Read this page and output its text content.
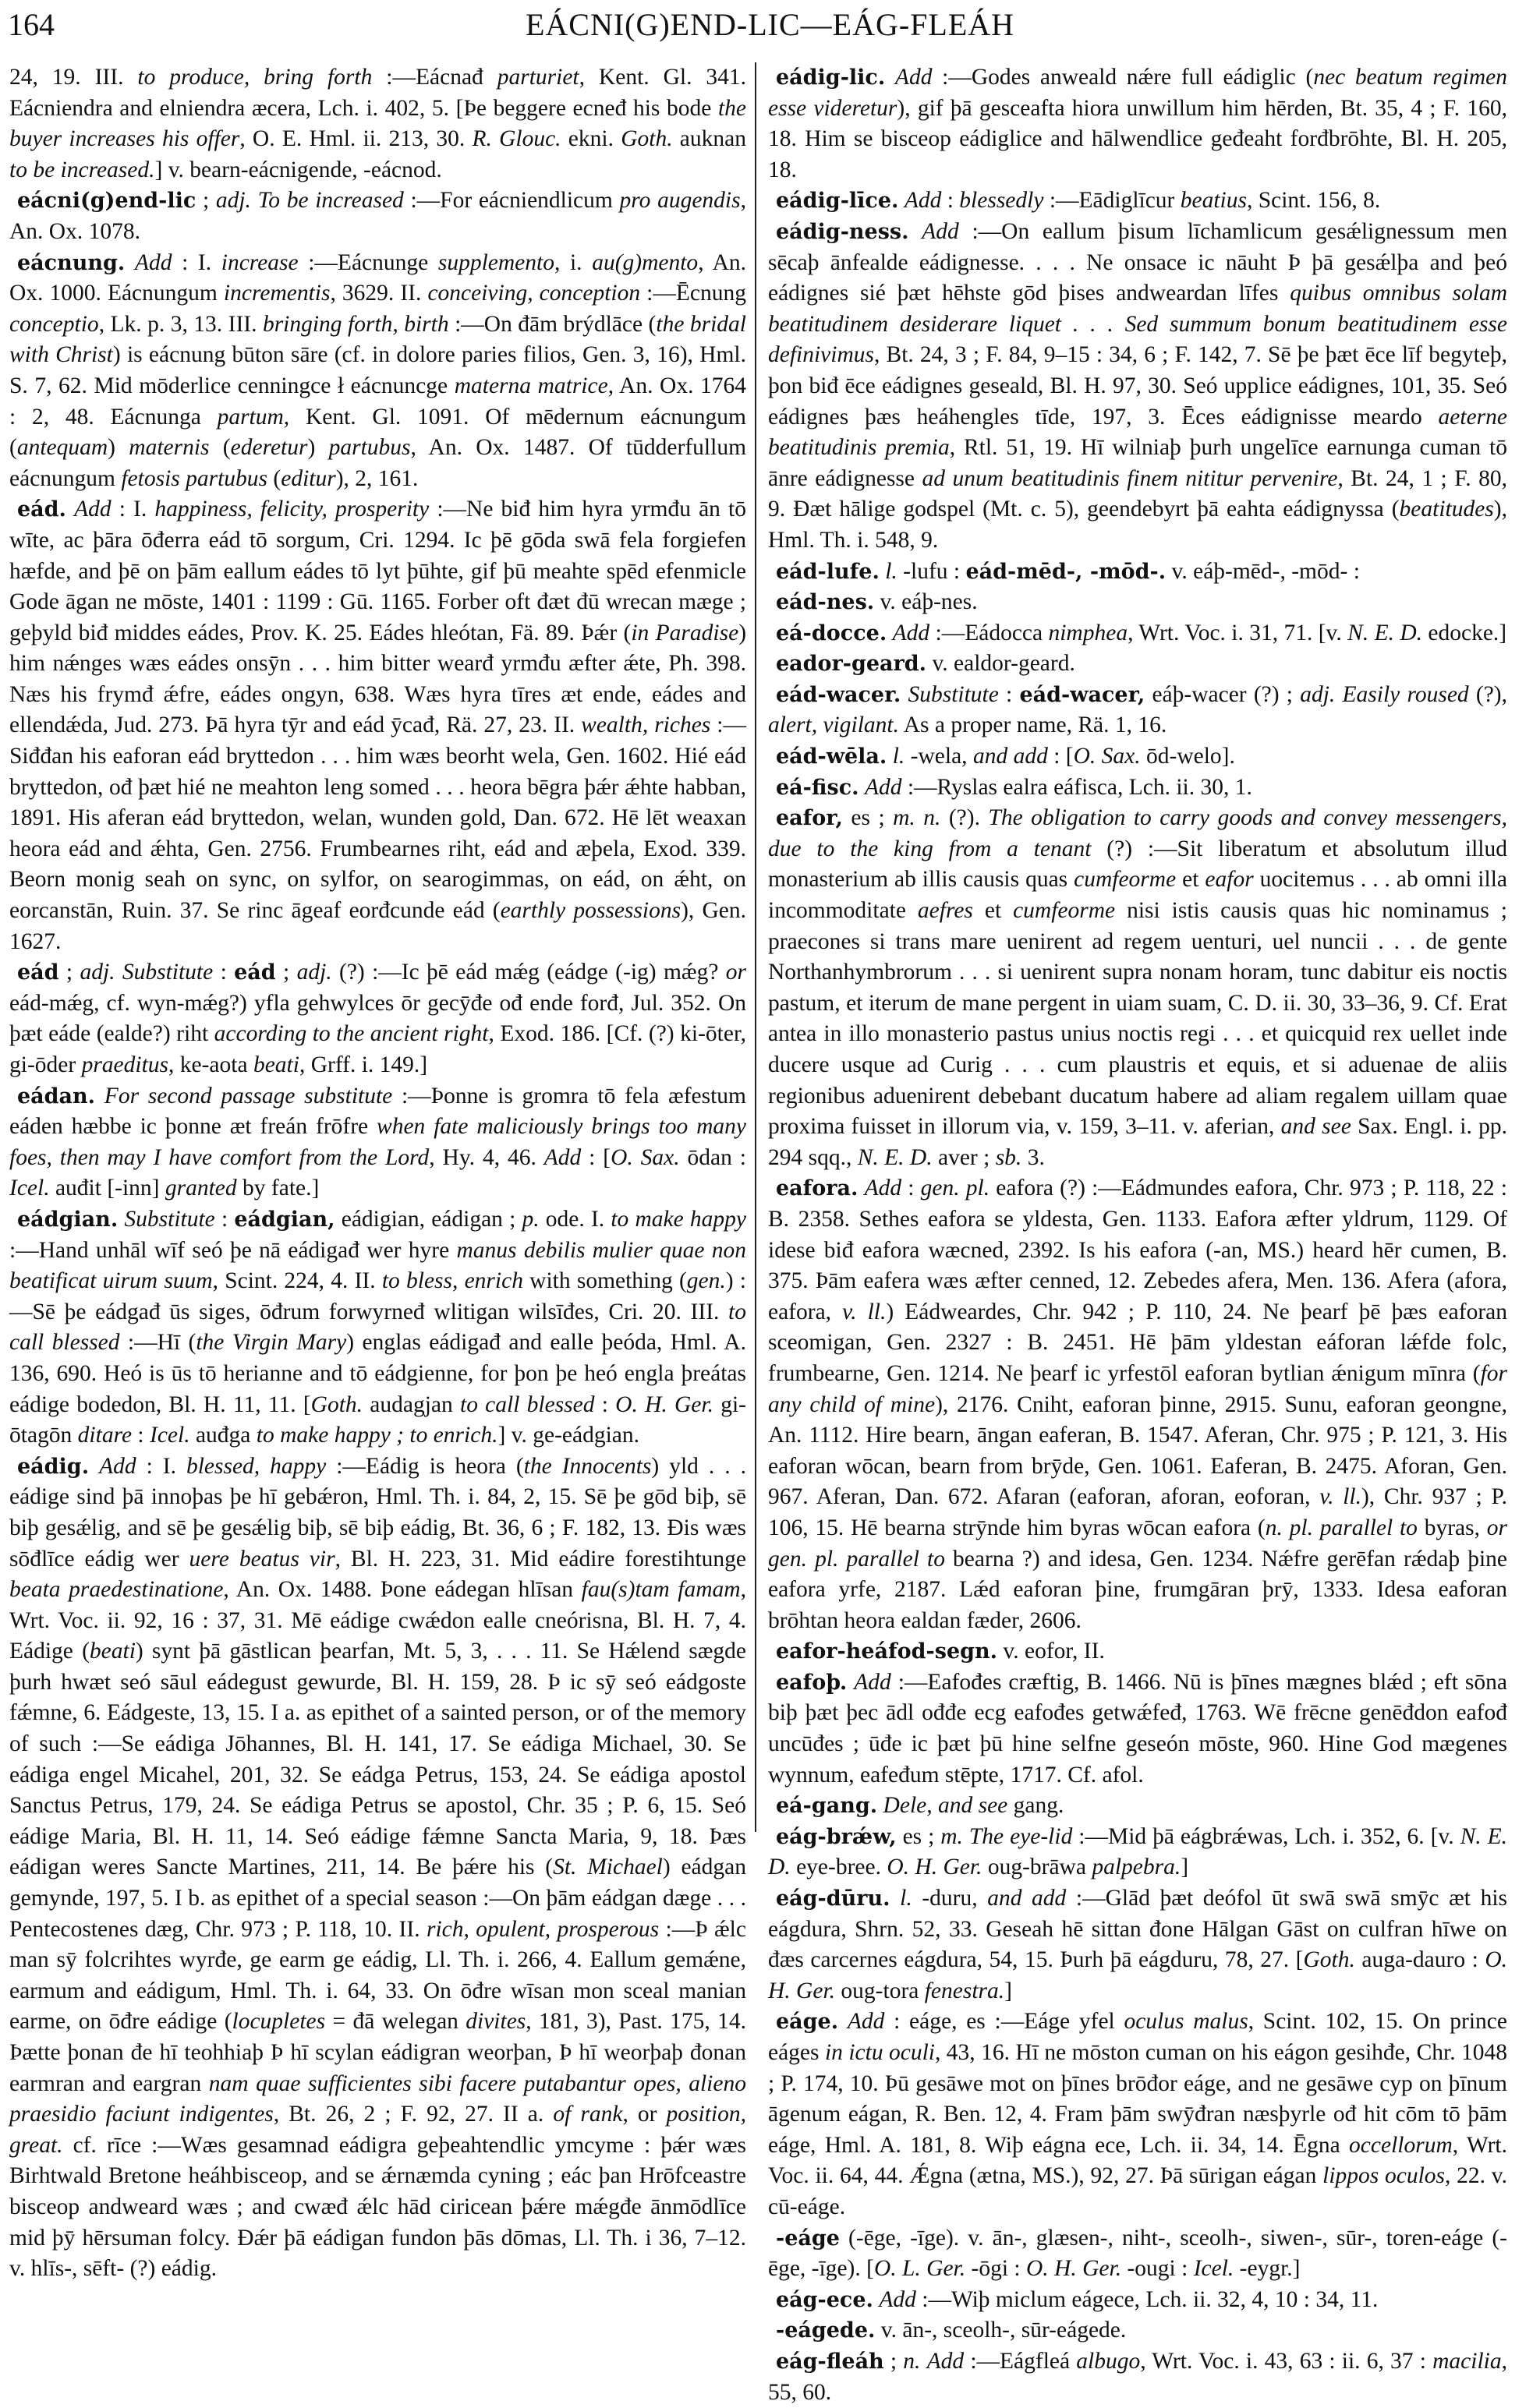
164	EÁCNI(G)END-LIC—EÁG-FLEÁH

24, 19. III. to produce, bring forth :—Eácnađ parturiet, Kent. Gl. 341. Eácniendra and elniendra æcera, Lch. i. 402, 5. [Þe beggere ecneđ his bode the buyer increases his offer, O. E. Hml. ii. 213, 30. R. Glouc. ekni. Goth. auknan to be increased.] v. bearn-eácnigende, -eácnod.

eácni(g)end-lic ; adj. To be increased :—For eácniendlicum pro augendis, An. Ox. 1078.

eácnung. Add : I. increase :—Eácnunge supplemento, i. au(g)mento, An. Ox. 1000. Eácnungum incrementis, 3629. II. conceiving, conception :—Ēcnung conceptio, Lk. p. 3, 13. III. bringing forth, birth :—On đām brýdlāce (the bridal with Christ) is eácnung būton sāre (cf. in dolore paries filios, Gen. 3, 16), Hml. S. 7, 62. Mid mōderlice cenningce ł eácnuncge materna matrice, An. Ox. 1764 : 2, 48. Eácnunga partum, Kent. Gl. 1091. Of mēdernum eácnungum (antequam) maternis (ederetur) partubus, An. Ox. 1487. Of tūdderfullum eácnungum fetosis partubus (editur), 2, 161.

eád. Add : I. happiness, felicity, prosperity :—Ne biđ him hyra yrmđu ān tō wīte, ac þāra ōđerra eád tō sorgum, Cri. 1294. Ic þē gōda swā fela forgiefen hæfde, and þē on þām eallum eádes tō lyt þūhte, gif þū meahte spēd efenmicle Gode āgan ne mōste, 1401 : 1199 : Gū. 1165. Forber oft đæt đū wrecan mæge ; geþyld biđ middes eádes, Prov. K. 25. Eádes hleótan, Fä. 89. Þǽr (in Paradise) him nǽnges wæs eádes onsȳn . . . him bitter wearđ yrmđu æfter ǽte, Ph. 398. Næs his frymđ ǽfre, eádes ongyn, 638. Wæs hyra tīres æt ende, eádes and ellendǽda, Jud. 273. Þā hyra tȳr and eád ȳcađ, Rä. 27, 23. II. wealth, riches :—Siđđan his eaforan eád bryttedon . . . him wæs beorht wela, Gen. 1602. Hié eád bryttedon, ođ þæt hié ne meahton leng somed . . . heora bēgra þǽr ǽhte habban, 1891. His aferan eád bryttedon, welan, wunden gold, Dan. 672. Hē lēt weaxan heora eád and ǽhta, Gen. 2756. Frumbearnes riht, eád and æþela, Exod. 339. Beorn monig seah on sync, on sylfor, on searogimmas, on eád, on ǽht, on eorcanstān, Ruin. 37. Se rinc āgeaf eorđcunde eád (earthly possessions), Gen. 1627.

eád ; adj. Substitute : eád ; adj. (?) :—Ic þē eád mǽg (eádge (-ig) mǽg? or eád-mǽg, cf. wyn-mǽg?) yfla gehwylces ōr gecȳđe ođ ende forđ, Jul. 352. On þæt eáde (ealde?) riht according to the ancient right, Exod. 186. [Cf. (?) ki-ōter, gi-ōder praeditus, ke-aota beati, Grff. i. 149.]

eádan. For second passage substitute :—Þonne is gromra tō fela æfestum eáden hæbbe ic þonne æt freán frōfre when fate maliciously brings too many foes, then may I have comfort from the Lord, Hy. 4, 46. Add : [O. Sax. ōdan : Icel. auđit [-inn] granted by fate.]

eádgian. Substitute : eádgian, eádigian, eádigan ; p. ode. I. to make happy :—Hand unhāl wīf seó þe nā eádigađ wer hyre manus debilis mulier quae non beatificat uirum suum, Scint. 224, 4. II. to bless, enrich with something (gen.) :—Sē þe eádgađ ūs siges, ōđrum forwyrneđ wlitigan wilsīđes, Cri. 20. III. to call blessed :—Hī (the Virgin Mary) englas eádigađ and ealle þeóda, Hml. A. 136, 690. Heó is ūs tō herianne and tō eádgienne, for þon þe heó engla þreátas eádige bodedon, Bl. H. 11, 11. [Goth. audagjan to call blessed : O. H. Ger. gi-ōtagōn ditare : Icel. auđga to make happy ; to enrich.] v. ge-eádgian.

eádig. Add : I. blessed, happy :—Eádig is heora (the Innocents) yld . . . eádige sind þā innoþas þe hī gebǽron, Hml. Th. i. 84, 2, 15. Sē þe gōd biþ, sē biþ gesǽlig, and sē þe gesǽlig biþ, sē biþ eádig, Bt. 36, 6 ; F. 182, 13. Đis wæs sōđlīce eádig wer uere beatus vir, Bl. H. 223, 31. Mid eádire forestihtunge beata praedestinatione, An. Ox. 1488. Þone eádegan hlīsan fau(s)tam famam, Wrt. Voc. ii. 92, 16 : 37, 31. Mē eádige cwǽdon ealle cneórisna, Bl. H. 7, 4. Eádige (beati) synt þā gāstlican þearfan, Mt. 5, 3, . . . 11. Se Hǽlend sægde þurh hwæt seó sāul eádegust gewurde, Bl. H. 159, 28. Þ ic sȳ seó eádgoste fǽmne, 6. Eádgeste, 13, 15. I a. as epithet of a sainted person, or of the memory of such :—Se eádiga Jōhannes, Bl. H. 141, 17. Se eádiga Michael, 30. Se eádiga engel Micahel, 201, 32. Se eádga Petrus, 153, 24. Se eádiga apostol Sanctus Petrus, 179, 24. Se eádiga Petrus se apostol, Chr. 35 ; P. 6, 15. Seó eádige Maria, Bl. H. 11, 14. Seó eádige fǽmne Sancta Maria, 9, 18. Þæs eádigan weres Sancte Martines, 211, 14. Be þǽre his (St. Michael) eádgan gemynde, 197, 5. I b. as epithet of a special season :—On þām eádgan dæge . . . Pentecostenes dæg, Chr. 973 ; P. 118, 10. II. rich, opulent, prosperous :—Þ ǽlc man sȳ folcrihtes wyrđe, ge earm ge eádig, Ll. Th. i. 266, 4. Eallum gemǽne, earmum and eádigum, Hml. Th. i. 64, 33. On ōđre wīsan mon sceal manian earme, on ōđre eádige (locupletes = đā welegan divites, 181, 3), Past. 175, 14. Þætte þonan đe hī teohhiaþ Þ hī scylan eádigran weorþan, Þ hī weorþaþ đonan earmran and eargran nam quae sufficientes sibi facere putabantur opes, alieno praesidio faciunt indigentes, Bt. 26, 2 ; F. 92, 27. II a. of rank, or position, great. cf. rīce :—Wæs gesamnad eádigra geþeahtendlic ymcyme : þǽr wæs Birhtwald Bretone heáhbisceop, and se ǽrnæmda cyning ; eác þan Hrōfceastre bisceop andweard wæs ; and cwæđ ǽlc hād ciricean þǽre mǽgđe ānmōdlīce mid þȳ hērsuman folcy. Đǽr þā eádigan fundon þās dōmas, Ll. Th. i 36, 7–12. v. hlīs-, sēft- (?) eádig.

eádig-lic. Add :—Godes anweald nǽre full eádiglic (nec beatum regimen esse videretur), gif þā gesceafta hiora unwillum him hērden, Bt. 35, 4 ; F. 160, 18. Him se bisceop eádiglice and hālwendlice geđeaht forđbrōhte, Bl. H. 205, 18.

eádig-līce. Add : blessedly :—Eādiglīcur beatius, Scint. 156, 8.

eádig-ness. Add :—On eallum þisum līchamlicum gesǽlignessum men sēcaþ ānfealde eádignesse. . . . Ne onsace ic nāuht Þ þā gesǽlþa and þeó eádignes sié þæt hēhste gōd þises andweardan līfes quibus omnibus solam beatitudinem desiderare liquet . . . Sed summum bonum beatitudinem esse definivimus, Bt. 24, 3 ; F. 84, 9–15 : 34, 6 ; F. 142, 7. Sē þe þæt ēce līf begyteþ, þon biđ ēce eádignes geseald, Bl. H. 97, 30. Seó upplice eádignes, 101, 35. Seó eádignes þæs heáhengles tīde, 197, 3. Ēces eádignisse meardo aeterne beatitudinis premia, Rtl. 51, 19. Hī wilniaþ þurh ungelīce earnunga cuman tō ānre eádignesse ad unum beatitudinis finem nititur pervenire, Bt. 24, 1 ; F. 80, 9. Đæt hālige godspel (Mt. c. 5), geendebyrt þā eahta eádignyssa (beatitudes), Hml. Th. i. 548, 9.

eád-lufe. l. -lufu : eád-mēd-, -mōd-. v. eáþ-mēd-, -mōd- :

eád-nes. v. eáþ-nes.

eá-docce. Add :—Eádocca nimphea, Wrt. Voc. i. 31, 71. [v. N. E. D. edocke.]

eador-geard. v. ealdor-geard.

eád-wacer. Substitute : eád-wacer, eáþ-wacer (?) ; adj. Easily roused (?), alert, vigilant. As a proper name, Rä. 1, 16.

eád-wēla. l. -wela, and add : [O. Sax. ōd-welo].

eá-fisc. Add :—Ryslas ealra eáfisca, Lch. ii. 30, 1.

eafor, es ; m. n. (?). The obligation to carry goods and convey messengers, due to the king from a tenant (?) :—Sit liberatum et absolutum illud monasterium ab illis causis quas cumfeorme et eafor uocitemus . . . ab omni illa incommoditate aefres et cumfeorme nisi istis causis quas hic nominamus ; praecones si trans mare uenirent ad regem uenturi, uel nuncii . . . de gente Northanhymbrorum . . . si uenirent supra nonam horam, tunc dabitur eis noctis pastum, et iterum de mane pergent in uiam suam, C. D. ii. 30, 33–36, 9. Cf. Erat antea in illo monasterio pastus unius noctis regi . . . et quicquid rex uellet inde ducere usque ad Curig . . . cum plaustris et equis, et si aduenae de aliis regionibus aduenirent debebant ducatum habere ad aliam regalem uillam quae proxima fuisset in illorum via, v. 159, 3–11. v. aferian, and see Sax. Engl. i. pp. 294 sqq., N. E. D. aver ; sb. 3.

eafora. Add : gen. pl. eafora (?) :—Eádmundes eafora, Chr. 973 ; P. 118, 22 : B. 2358. Sethes eafora se yldesta, Gen. 1133. Eafora æfter yldrum, 1129. Of idese biđ eafora wæcned, 2392. Is his eafora (-an, MS.) heard hēr cumen, B. 375. Þām eafera wæs æfter cenned, 12. Zebedes afera, Men. 136. Afera (afora, eafora, v. ll.) Eádweardes, Chr. 942 ; P. 110, 24. Ne þearf þē þæs eaforan sceomigan, Gen. 2327 : B. 2451. Hē þām yldestan eáforan lǽfde folc, frumbearne, Gen. 1214. Ne þearf ic yrfestōl eaforan bytlian ǽnigum mīnra (for any child of mine), 2176. Cniht, eaforan þinne, 2915. Sunu, eaforan geongne, An. 1112. Hire bearn, āngan eaferan, B. 1547. Aferan, Chr. 975 ; P. 121, 3. His eaforan wōcan, bearn from brȳde, Gen. 1061. Eaferan, B. 2475. Aforan, Gen. 967. Aferan, Dan. 672. Afaran (eaforan, aforan, eoforan, v. ll.), Chr. 937 ; P. 106, 15. Hē bearna strȳnde him byras wōcan eafora (n. pl. parallel to byras, or gen. pl. parallel to bearna ?) and idesa, Gen. 1234. Nǽfre gerēfan rǽdaþ þine eafora yrfe, 2187. Lǽd eaforan þine, frumgāran þrȳ, 1333. Idesa eaforan brōhtan heora ealdan fæder, 2606.

eafor-heáfod-segn. v. eofor, II.

eafoþ. Add :—Eafođes cræftig, B. 1466. Nū is þīnes mægnes blǽd ; eft sōna biþ þæt þec ādl ođđe ecg eafođes getwǽfeđ, 1763. Wē frēcne genēđdon eafođ uncūđes ; ūđe ic þæt þū hine selfne geseón mōste, 960. Hine God mægenes wynnum, eafeđum stēpte, 1717. Cf. afol.

eá-gang. Dele, and see gang.

eág-brǽw, es ; m. The eye-lid :—Mid þā eágbrǽwas, Lch. i. 352, 6. [v. N. E. D. eye-bree. O. H. Ger. oug-brāwa palpebra.]

eág-dūru. l. -duru, and add :—Glād þæt deófol ūt swā swā smȳc æt his eágdura, Shrn. 52, 33. Geseah hē sittan đone Hālgan Gāst on culfran hīwe on đæs carcernes eágdura, 54, 15. Þurh þā eágduru, 78, 27. [Goth. auga-dauro : O. H. Ger. oug-tora fenestra.]

eáge. Add : eáge, es :—Eáge yfel oculus malus, Scint. 102, 15. On prince eáges in ictu oculi, 43, 16. Hī ne mōston cuman on his eágon gesihđe, Chr. 1048 ; P. 174, 10. Þū gesāwe mot on þīnes brōđor eáge, and ne gesāwe cyp on þīnum āgenum eágan, R. Ben. 12, 4. Fram þām swȳđran næsþyrle ođ hit cōm tō þām eáge, Hml. A. 181, 8. Wiþ eágna ece, Lch. ii. 34, 14. Ēgna occellorum, Wrt. Voc. ii. 64, 44. Ǽgna (ætna, MS.), 92, 27. Þā sūrigan eágan lippos oculos, 22. v. cū-eáge.

-eáge (-ēge, -īge). v. ān-, glæsen-, niht-, sceolh-, siwen-, sūr-, toren-eáge (-ēge, -īge). [O. L. Ger. -ōgi : O. H. Ger. -ougi : Icel. -eygr.]

eág-ece. Add :—Wiþ miclum eágece, Lch. ii. 32, 4, 10 : 34, 11.

-eágede. v. ān-, sceolh-, sūr-eágede.

eág-fleáh ; n. Add :—Eágfleá albugo, Wrt. Voc. i. 43, 63 : ii. 6, 37 : macilia, 55, 60.
